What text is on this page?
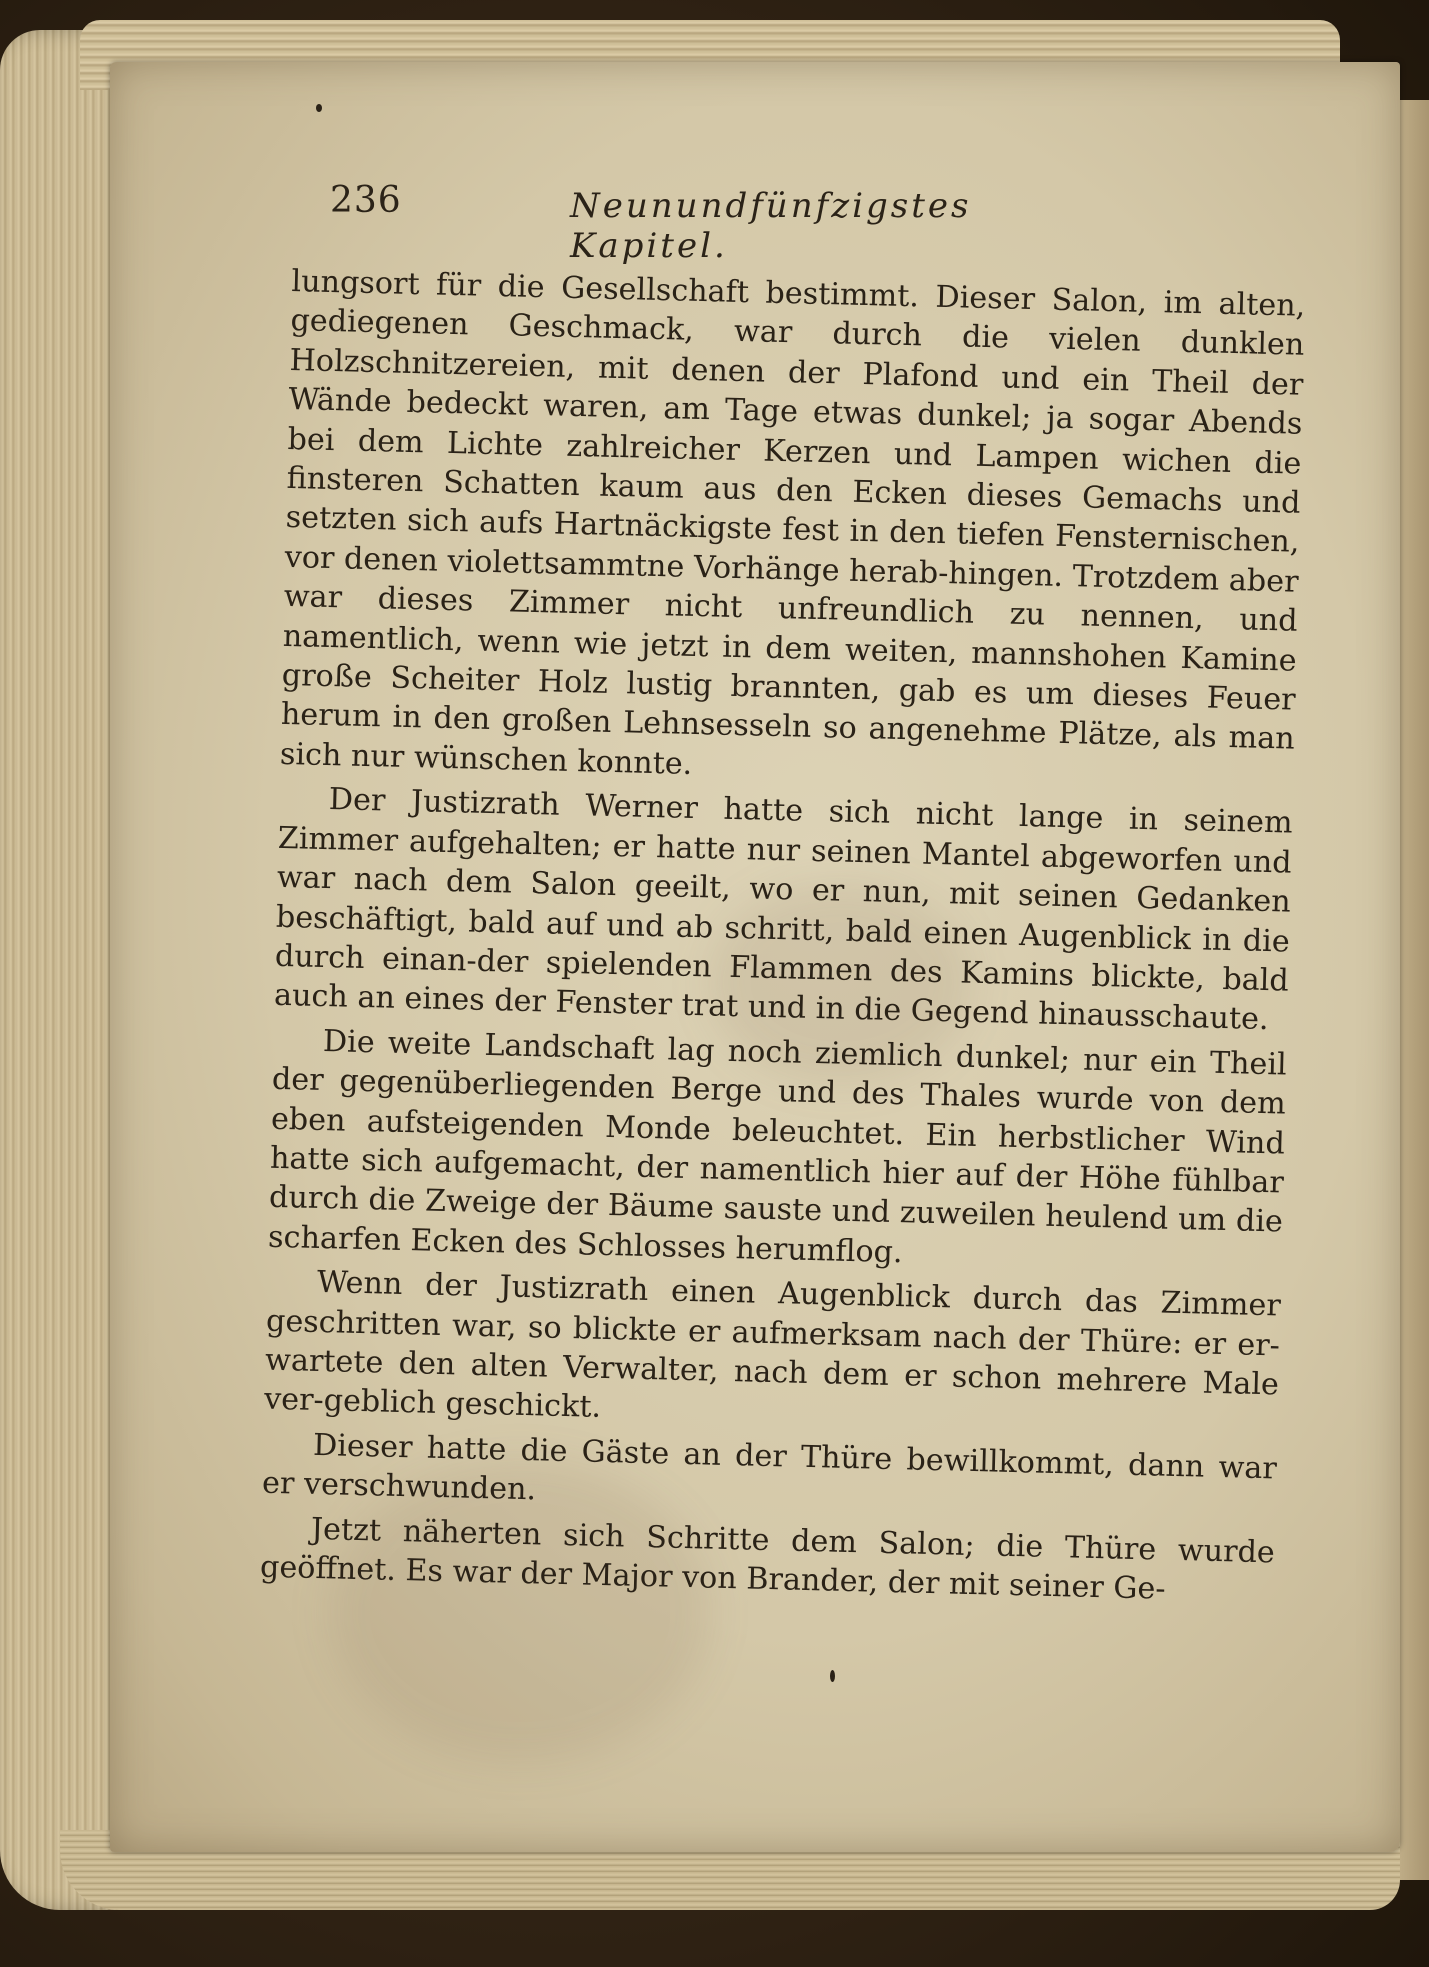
236	Neunundfünfzigstes Kapitel.

lungsort für die Gesellschaft bestimmt. Dieser Salon, im alten, gediegenen Geschmack, war durch die vielen dunklen Holzschnitzereien, mit denen der Plafond und ein Theil der Wände bedeckt waren, am Tage etwas dunkel; ja sogar Abends bei dem Lichte zahlreicher Kerzen und Lampen wichen die finsteren Schatten kaum aus den Ecken dieses Gemachs und setzten sich aufs Hartnäckigste fest in den tiefen Fensternischen, vor denen violettsammtne Vorhänge herab-hingen. Trotzdem aber war dieses Zimmer nicht unfreundlich zu nennen, und namentlich, wenn wie jetzt in dem weiten, mannshohen Kamine große Scheiter Holz lustig brannten, gab es um dieses Feuer herum in den großen Lehnsesseln so angenehme Plätze, als man sich nur wünschen konnte.

Der Justizrath Werner hatte sich nicht lange in seinem Zimmer aufgehalten; er hatte nur seinen Mantel abgeworfen und war nach dem Salon geeilt, wo er nun, mit seinen Gedanken beschäftigt, bald auf und ab schritt, bald einen Augenblick in die durch einan-der spielenden Flammen des Kamins blickte, bald auch an eines der Fenster trat und in die Gegend hinausschaute.

Die weite Landschaft lag noch ziemlich dunkel; nur ein Theil der gegenüberliegenden Berge und des Thales wurde von dem eben aufsteigenden Monde beleuchtet. Ein herbstlicher Wind hatte sich aufgemacht, der namentlich hier auf der Höhe fühlbar durch die Zweige der Bäume sauste und zuweilen heulend um die scharfen Ecken des Schlosses herumflog.

Wenn der Justizrath einen Augenblick durch das Zimmer geschritten war, so blickte er aufmerksam nach der Thüre: er er-wartete den alten Verwalter, nach dem er schon mehrere Male ver-geblich geschickt.

Dieser hatte die Gäste an der Thüre bewillkommt, dann war er verschwunden.

Jetzt näherten sich Schritte dem Salon; die Thüre wurde geöffnet. Es war der Major von Brander, der mit seiner Ge-
